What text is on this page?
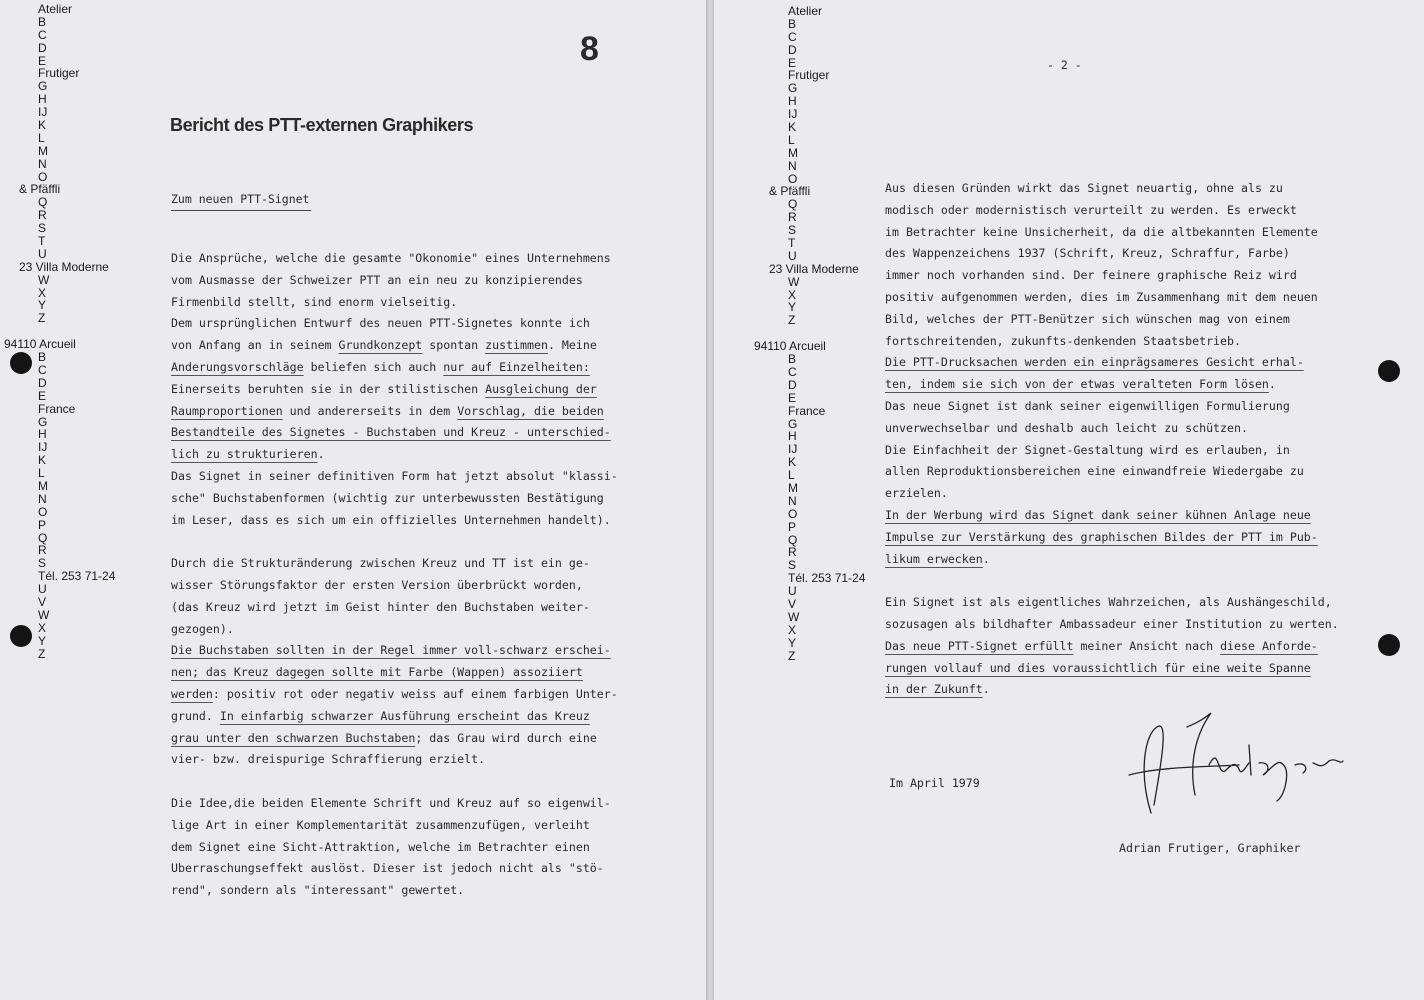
Atelier
B
C
D
E
Frutiger
G
H
IJ
K
L
M
N
O
& Pfäffli
Q
R
S
T
U
23 Villa Moderne
W
X
Y
Z
94110 Arcueil
B
C
D
E
France
G
H
IJ
K
L
M
N
O
P
Q
R
S
Tél. 253 71-24
U
V
W
X
Y
Z
8
Bericht des PTT-externen Graphikers
Zum neuen PTT-Signet
Die Ansprüche, welche die gesamte "Okonomie" eines Unternehmens
vom Ausmasse der Schweizer PTT an ein neu zu konzipierendes
Firmenbild stellt, sind enorm vielseitig.
Dem ursprünglichen Entwurf des neuen PTT-Signetes konnte ich
von Anfang an in seinem Grundkonzept spontan zustimmen. Meine
Anderungsvorschläge beliefen sich auch nur auf Einzelheiten:
Einerseits beruhten sie in der stilistischen Ausgleichung der
Raumproportionen und andererseits in dem Vorschlag, die beiden
Bestandteile des Signetes - Buchstaben und Kreuz - unterschied-
lich zu strukturieren.
Das Signet in seiner definitiven Form hat jetzt absolut "klassi-
sche" Buchstabenformen (wichtig zur unterbewussten Bestätigung
im Leser, dass es sich um ein offizielles Unternehmen handelt).
Durch die Strukturänderung zwischen Kreuz und TT ist ein ge-
wisser Störungsfaktor der ersten Version überbrückt worden,
(das Kreuz wird jetzt im Geist hinter den Buchstaben weiter-
gezogen).
Die Buchstaben sollten in der Regel immer voll-schwarz erschei-
nen; das Kreuz dagegen sollte mit Farbe (Wappen) assoziiert
werden: positiv rot oder negativ weiss auf einem farbigen Unter-
grund. In einfarbig schwarzer Ausführung erscheint das Kreuz
grau unter den schwarzen Buchstaben; das Grau wird durch eine
vier- bzw. dreispurige Schraffierung erzielt.
Die Idee,die beiden Elemente Schrift und Kreuz auf so eigenwil-
lige Art in einer Komplementarität zusammenzufügen, verleiht
dem Signet eine Sicht-Attraktion, welche im Betrachter einen
Uberraschungseffekt auslöst. Dieser ist jedoch nicht als "stö-
rend", sondern als "interessant" gewertet.
Atelier
B
C
D
E
Frutiger
G
H
IJ
K
L
M
N
O
& Pfäffli
Q
R
S
T
U
23 Villa Moderne
W
X
Y
Z
94110 Arcueil
B
C
D
E
France
G
H
IJ
K
L
M
N
O
P
Q
R
S
Tél. 253 71-24
U
V
W
X
Y
Z
- 2 -
Aus diesen Gründen wirkt das Signet neuartig, ohne als zu
modisch oder modernistisch verurteilt zu werden. Es erweckt
im Betrachter keine Unsicherheit, da die altbekannten Elemente
des Wappenzeichens 1937 (Schrift, Kreuz, Schraffur, Farbe)
immer noch vorhanden sind. Der feinere graphische Reiz wird
positiv aufgenommen werden, dies im Zusammenhang mit dem neuen
Bild, welches der PTT-Benützer sich wünschen mag von einem
fortschreitenden, zukunfts-denkenden Staatsbetrieb.
Die PTT-Drucksachen werden ein einprägsameres Gesicht erhal-
ten, indem sie sich von der etwas veralteten Form lösen.
Das neue Signet ist dank seiner eigenwilligen Formulierung
unverwechselbar und deshalb auch leicht zu schützen.
Die Einfachheit der Signet-Gestaltung wird es erlauben, in
allen Reproduktionsbereichen eine einwandfreie Wiedergabe zu
erzielen.
In der Werbung wird das Signet dank seiner kühnen Anlage neue
Impulse zur Verstärkung des graphischen Bildes der PTT im Pub-
likum erwecken.
Ein Signet ist als eigentliches Wahrzeichen, als Aushängeschild,
sozusagen als bildhafter Ambassadeur einer Institution zu werten.
Das neue PTT-Signet erfüllt meiner Ansicht nach diese Anforde-
rungen vollauf und dies voraussichtlich für eine weite Spanne
in der Zukunft.
Im April 1979
Adrian Frutiger, Graphiker
